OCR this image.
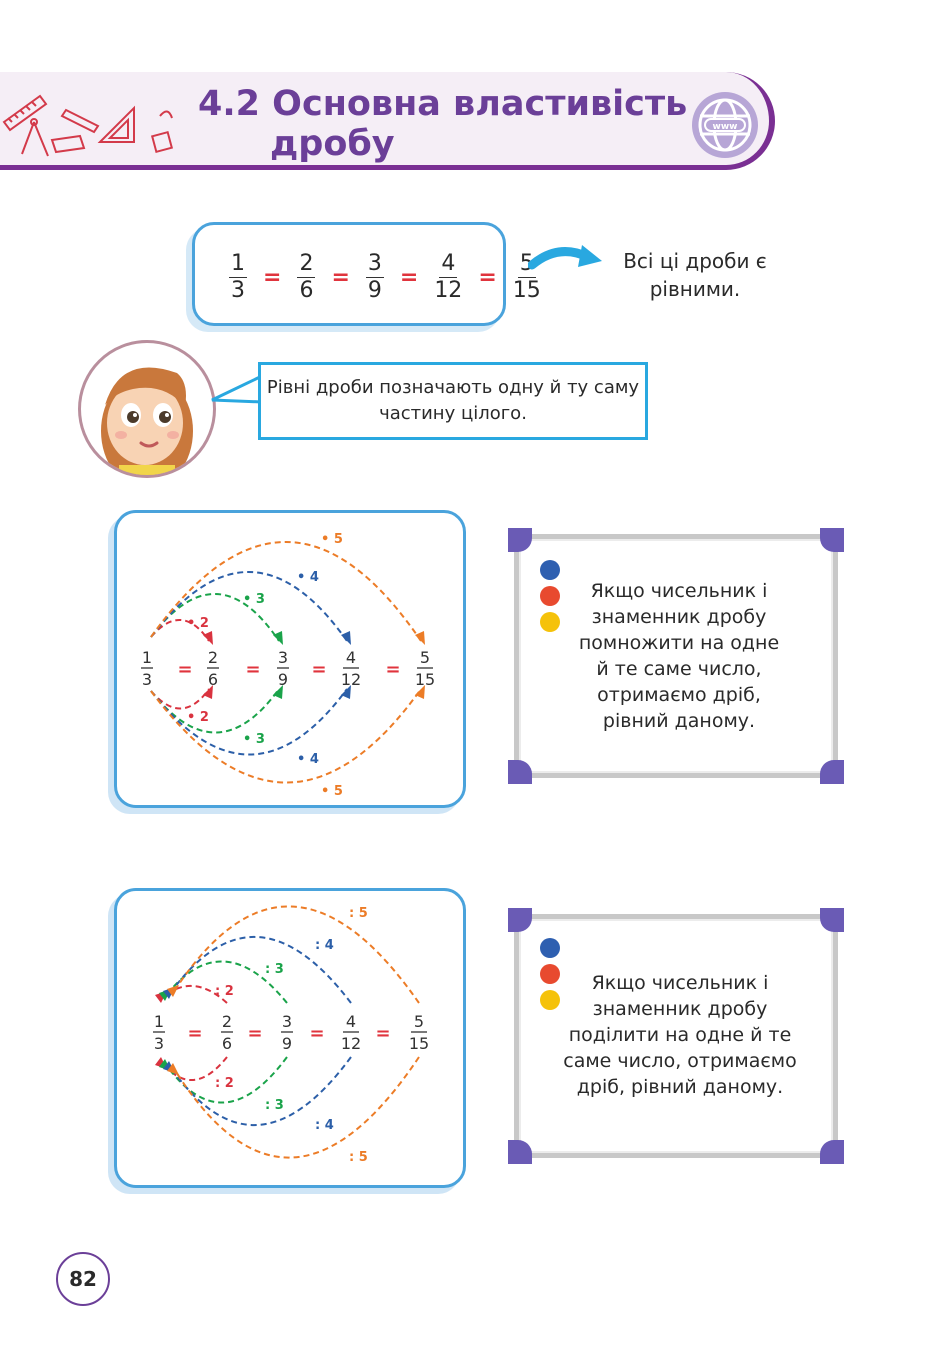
4.2 Основна властивість
дробу	www
$\frac{1}{3} = \frac{2}{6} = \frac{3}{9} = \frac{4}{12} = \frac{5}{15}$	Всі ці дроби є рівними.
Рівні дроби позначають одну й ту саму частину цілого.
1
3
2
6
3
9
4
12
5
15
=	=	=	=
• 2
• 3
• 4
• 5
• 2
• 3
• 4
• 5
Якщо чисельник і знаменник дробу помножити на одне й те саме число, отримаємо дріб, рівний даному.
1
3
2
6
3
9
4
12
5
15
= =	=	=
: 2
: 3
: 4
: 5
: 2
: 3
: 4
: 5
Якщо чисельник і знаменник дробу поділити на одне й те саме число, отримаємо дріб, рівний даному.
82
